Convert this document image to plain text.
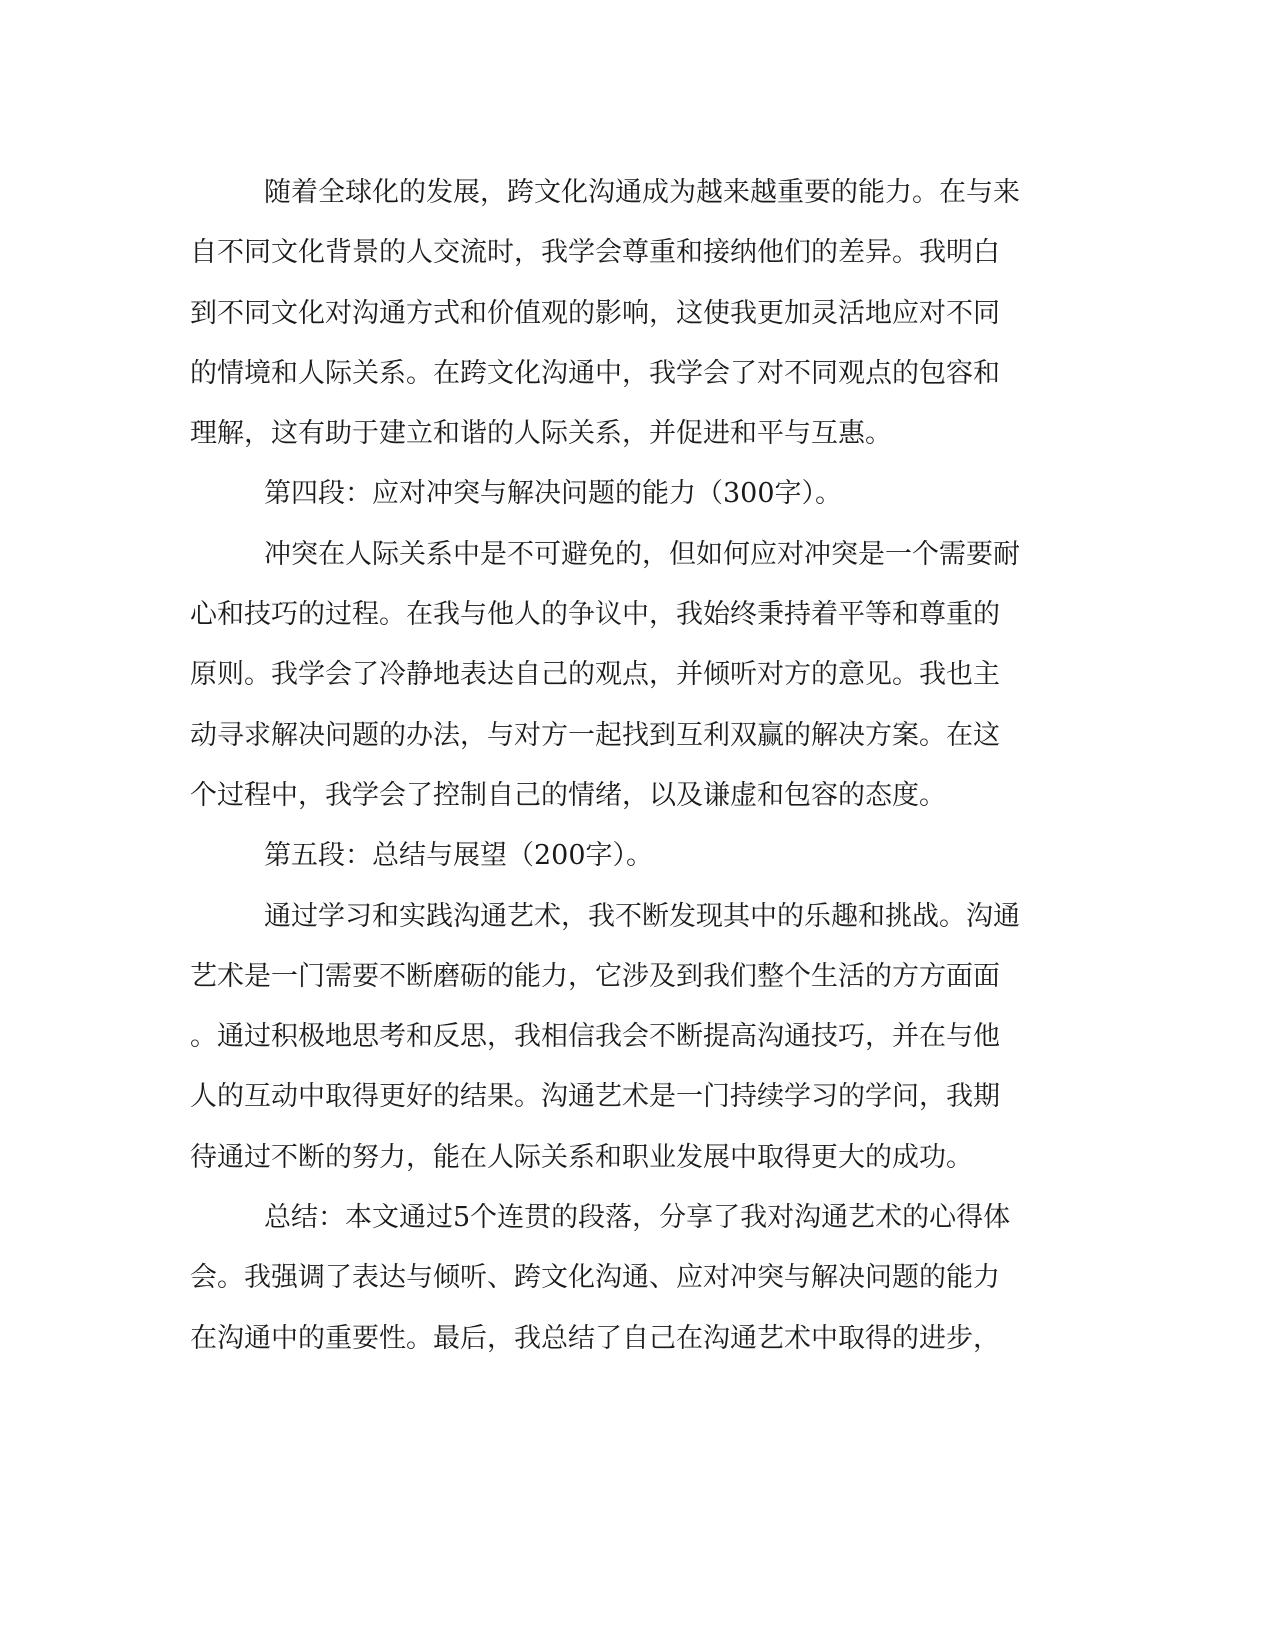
随着全球化的发展，跨文化沟通成为越来越重要的能力。在与来
自不同文化背景的人交流时，我学会尊重和接纳他们的差异。我明白
到不同文化对沟通方式和价值观的影响，这使我更加灵活地应对不同
的情境和人际关系。在跨文化沟通中，我学会了对不同观点的包容和
理解，这有助于建立和谐的人际关系，并促进和平与互惠。
第四段：应对冲突与解决问题的能力（300字）。
冲突在人际关系中是不可避免的，但如何应对冲突是一个需要耐
心和技巧的过程。在我与他人的争议中，我始终秉持着平等和尊重的
原则。我学会了冷静地表达自己的观点，并倾听对方的意见。我也主
动寻求解决问题的办法，与对方一起找到互利双赢的解决方案。在这
个过程中，我学会了控制自己的情绪，以及谦虚和包容的态度。
第五段：总结与展望（200字）。
通过学习和实践沟通艺术，我不断发现其中的乐趣和挑战。沟通
艺术是一门需要不断磨砺的能力，它涉及到我们整个生活的方方面面
。通过积极地思考和反思，我相信我会不断提高沟通技巧，并在与他
人的互动中取得更好的结果。沟通艺术是一门持续学习的学问，我期
待通过不断的努力，能在人际关系和职业发展中取得更大的成功。
总结：本文通过5个连贯的段落，分享了我对沟通艺术的心得体
会。我强调了表达与倾听、跨文化沟通、应对冲突与解决问题的能力
在沟通中的重要性。最后，我总结了自己在沟通艺术中取得的进步，
